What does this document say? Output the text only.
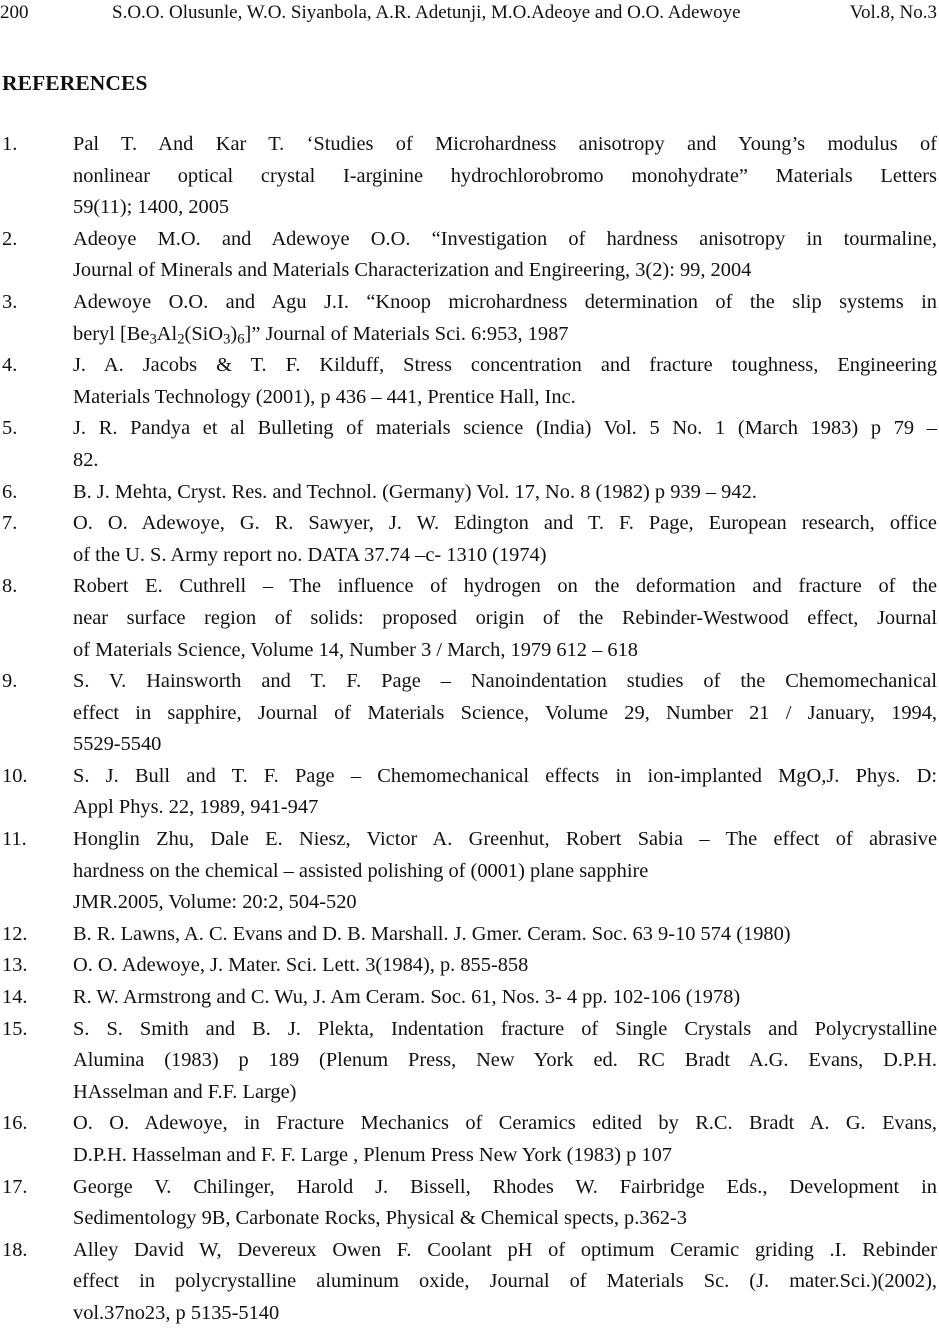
200	S.O.O. Olusunle, W.O. Siyanbola, A.R. Adetunji, M.O.Adeoye and O.O. Adewoye	Vol.8, No.3
REFERENCES
1.	Pal T. And Kar T. ‘Studies of Microhardness anisotropy and Young’s modulus of
nonlinear optical crystal I-arginine hydrochlorobromo monohydrate” Materials Letters
59(11); 1400, 2005
2.	Adeoye M.O. and Adewoye O.O. “Investigation of hardness anisotropy in tourmaline,
Journal of Minerals and Materials Characterization and Engireering, 3(2): 99, 2004
3.	Adewoye O.O. and Agu J.I. “Knoop microhardness determination of the slip systems in
beryl $[Be_3Al_2(SiO_3)_6]$” Journal of Materials Sci. 6:953, 1987
4.	J. A. Jacobs & T. F. Kilduff, Stress concentration and fracture toughness, Engineering
Materials Technology (2001), p 436 – 441, Prentice Hall, Inc.
5.	J. R. Pandya et al Bulleting of materials science (India) Vol. 5 No. 1 (March 1983) p 79 –
82.
6.	B. J. Mehta, Cryst. Res. and Technol. (Germany) Vol. 17, No. 8 (1982) p 939 – 942.
7.	O. O. Adewoye, G. R. Sawyer, J. W. Edington and T. F. Page, European research, office
of the U. S. Army report no. DATA 37.74 –c- 1310 (1974)
8.	Robert E. Cuthrell – The influence of hydrogen on the deformation and fracture of the
near surface region of solids: proposed origin of the Rebinder-Westwood effect, Journal
of Materials Science, Volume 14, Number 3 / March, 1979 612 – 618
9.	S. V. Hainsworth and T. F. Page – Nanoindentation studies of the Chemomechanical
effect in sapphire, Journal of Materials Science, Volume 29, Number 21 / January, 1994,
5529-5540
10. S. J. Bull and T. F. Page – Chemomechanical effects in ion-implanted MgO,J. Phys. D:
Appl Phys. 22, 1989, 941-947
11. Honglin Zhu, Dale E. Niesz, Victor A. Greenhut, Robert Sabia – The effect of abrasive
hardness on the chemical – assisted polishing of (0001) plane sapphire
JMR.2005, Volume: 20:2, 504-520
12. B. R. Lawns, A. C. Evans and D. B. Marshall. J. Gmer. Ceram. Soc. 63 9-10 574 (1980)
13. O. O. Adewoye, J. Mater. Sci. Lett. 3(1984), p. 855-858
14. R. W. Armstrong and C. Wu, J. Am Ceram. Soc. 61, Nos. 3- 4 pp. 102-106 (1978)
15. S. S. Smith and B. J. Plekta, Indentation fracture of Single Crystals and Polycrystalline
Alumina (1983) p 189 (Plenum Press, New York ed. RC Bradt A.G. Evans, D.P.H.
HAsselman and F.F. Large)
16. O. O. Adewoye, in Fracture Mechanics of Ceramics edited by R.C. Bradt A. G. Evans,
D.P.H. Hasselman and F. F. Large , Plenum Press New York (1983) p 107
17. George V. Chilinger, Harold J. Bissell, Rhodes W. Fairbridge Eds., Development in
Sedimentology 9B, Carbonate Rocks, Physical & Chemical spects, p.362-3
18. Alley David W, Devereux Owen F. Coolant pH of optimum Ceramic griding .I. Rebinder
effect in polycrystalline aluminum oxide, Journal of Materials Sc. (J. mater.Sci.)(2002),
vol.37no23, p 5135-5140
